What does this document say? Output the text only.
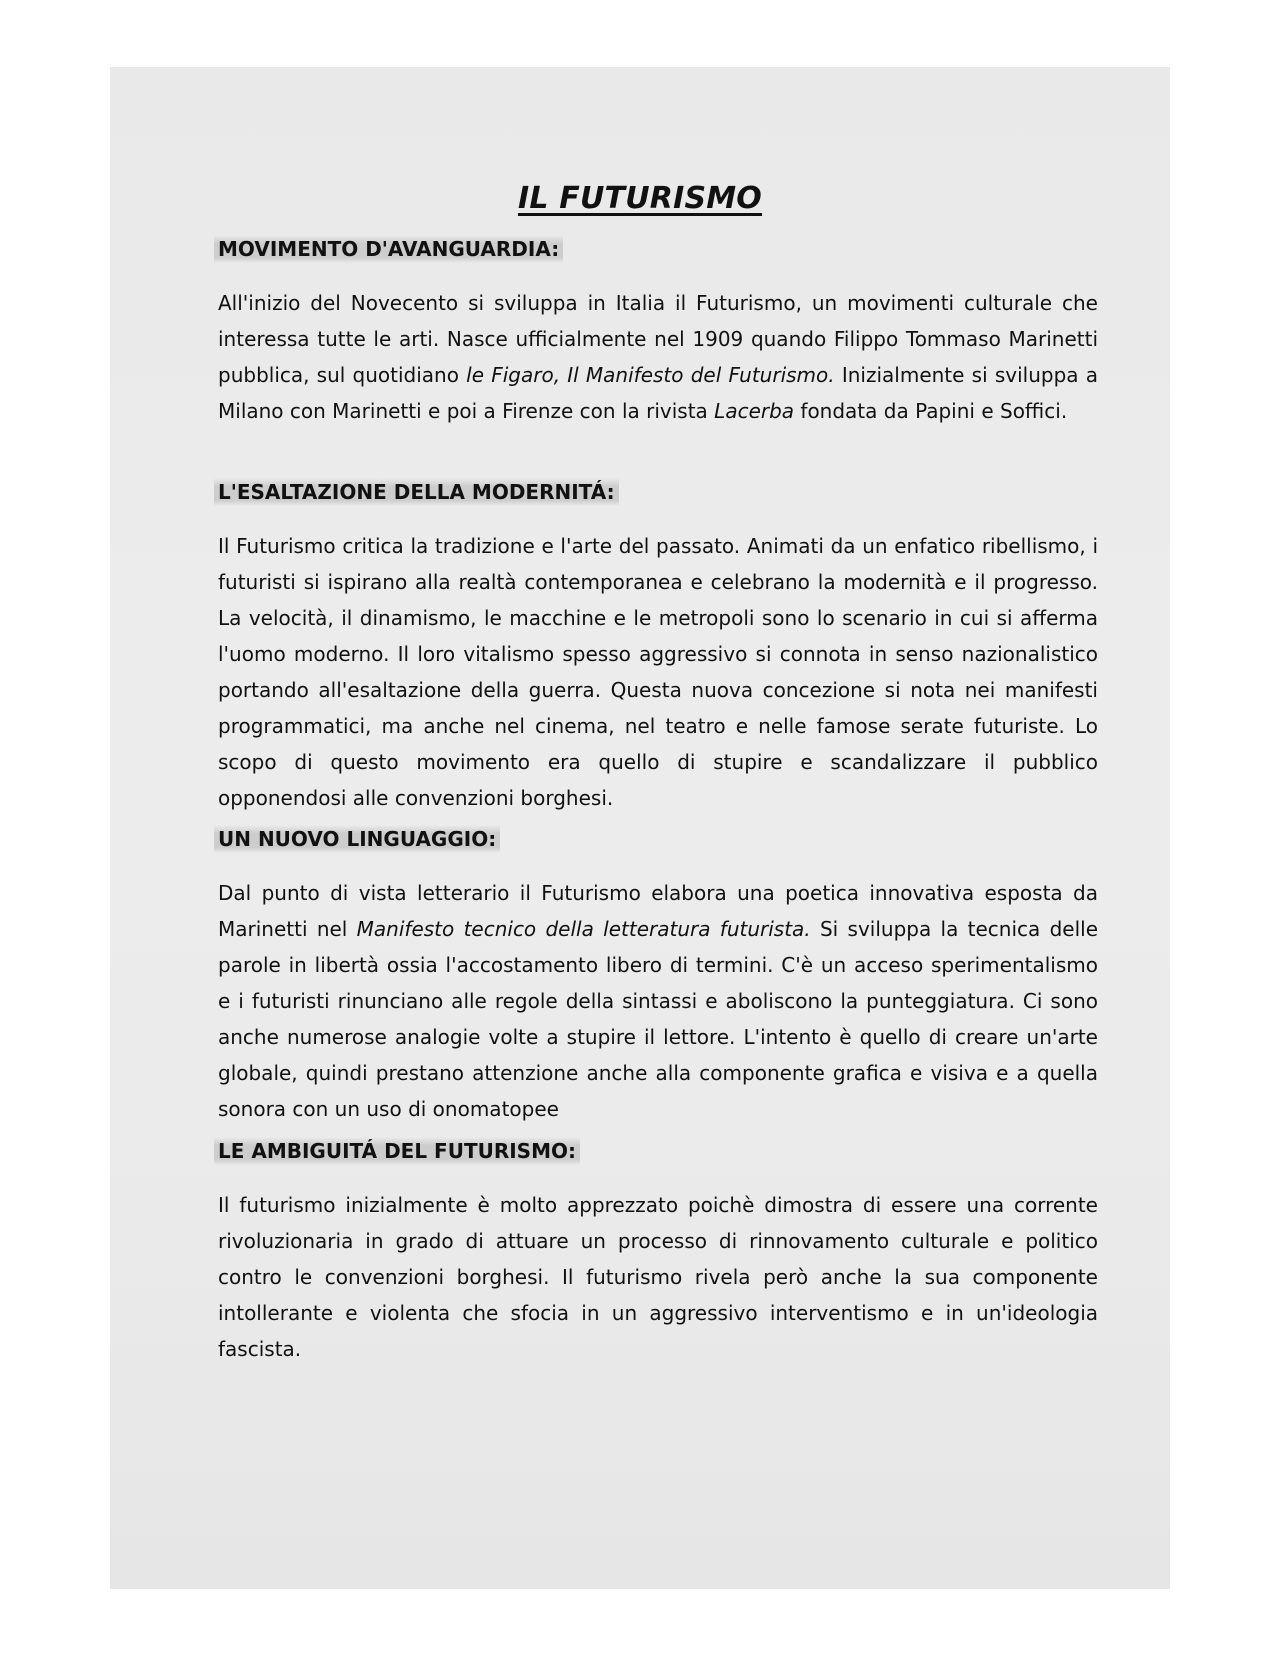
IL FUTURISMO
MOVIMENTO D'AVANGUARDIA:

All'inizio del Novecento si sviluppa in Italia il Futurismo, un movimenti culturale che interessa tutte le arti. Nasce ufficialmente nel 1909 quando Filippo Tommaso Marinetti pubblica, sul quotidiano le Figaro, Il Manifesto del Futurismo. Inizialmente si sviluppa a Milano con Marinetti e poi a Firenze con la rivista Lacerba fondata da Papini e Soffici.

L'ESALTAZIONE DELLA MODERNITÁ:

Il Futurismo critica la tradizione e l'arte del passato. Animati da un enfatico ribellismo, i futuristi si ispirano alla realtà contemporanea e celebrano la modernità e il progresso. La velocità, il dinamismo, le macchine e le metropoli sono lo scenario in cui si afferma l'uomo moderno. Il loro vitalismo spesso aggressivo si connota in senso nazionalistico portando all'esaltazione della guerra. Questa nuova concezione si nota nei manifesti programmatici, ma anche nel cinema, nel teatro e nelle famose serate futuriste. Lo scopo di questo movimento era quello di stupire e scandalizzare il pubblico opponendosi alle convenzioni borghesi.

UN NUOVO LINGUAGGIO:

Dal punto di vista letterario il Futurismo elabora una poetica innovativa esposta da Marinetti nel Manifesto tecnico della letteratura futurista. Si sviluppa la tecnica delle parole in libertà ossia l'accostamento libero di termini. C'è un acceso sperimentalismo e i futuristi rinunciano alle regole della sintassi e aboliscono la punteggiatura. Ci sono anche numerose analogie volte a stupire il lettore. L'intento è quello di creare un'arte globale, quindi prestano attenzione anche alla componente grafica e visiva e a quella sonora con un uso di onomatopee

LE AMBIGUITÁ DEL FUTURISMO:

Il futurismo inizialmente è molto apprezzato poichè dimostra di essere una corrente rivoluzionaria in grado di attuare un processo di rinnovamento culturale e politico contro le convenzioni borghesi. Il futurismo rivela però anche la sua componente intollerante e violenta che sfocia in un aggressivo interventismo e in un'ideologia fascista.
